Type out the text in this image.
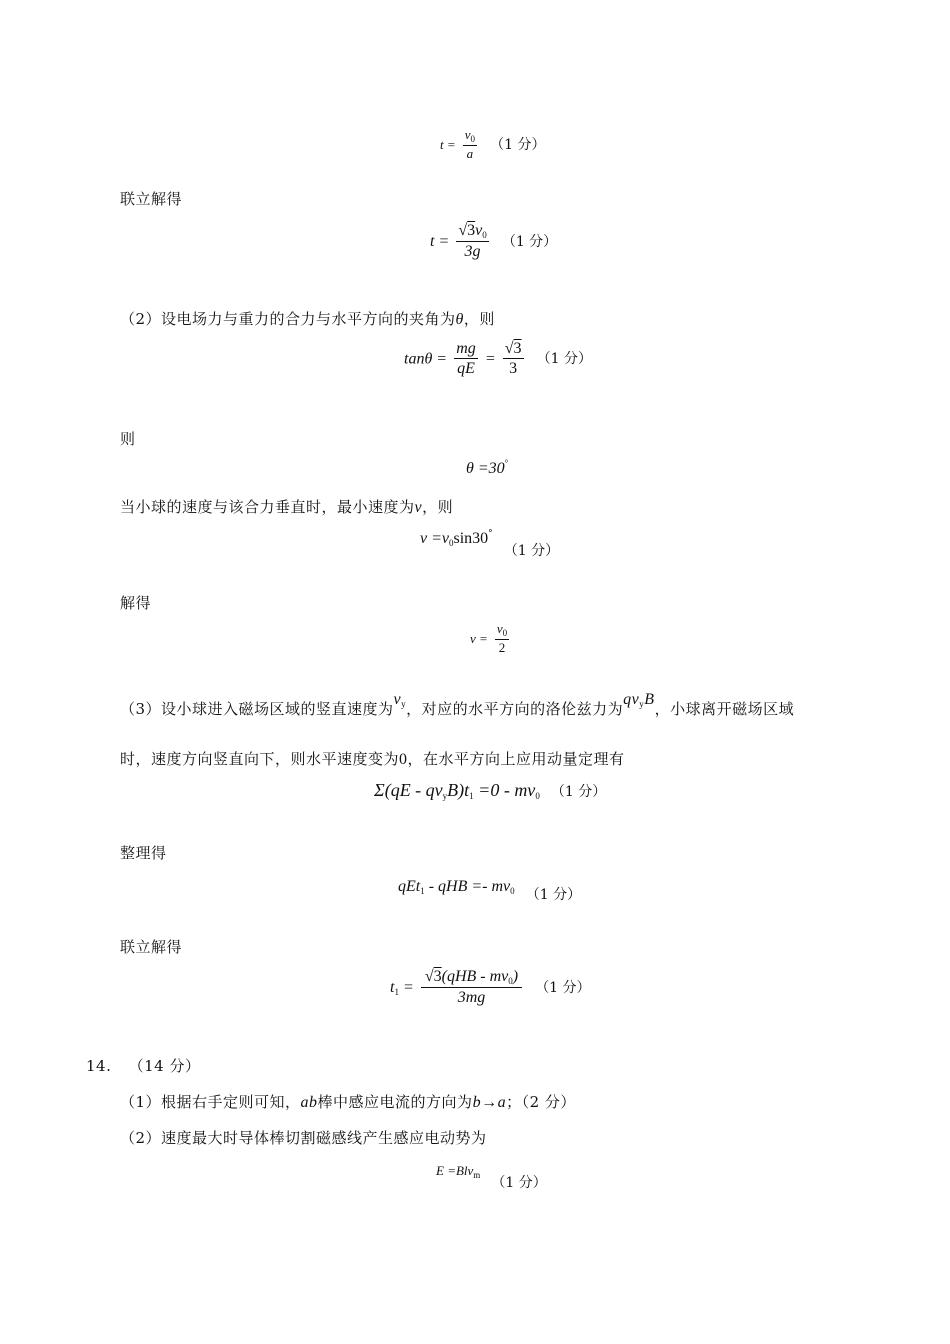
$t = \frac{v_0}{a} (1$ 分）
联立解得
$t = \frac{√3v_0}{3g} (1$ 分）
（2）设电场力与重力的合力与水平方向的夹角为θ，则
$\tan\theta = \frac{mg}{qE} = \frac{√3}{3} (1$ 分）
则
θ =30°
当小球的速度与该合力垂直时，最小速度为v，则
$v =v_0\sin 30^\circ$ （1 分）
解得
$v = \frac{v_0}{2}$
（3）设小球进入磁场区域的竖直速度为$v_y$，对应的水平方向的洛伦兹力为$qv_yB$，小球离开磁场区域
时，速度方向竖直向下，则水平速度变为0，在水平方向上应用动量定理有
$\Sigma(qE - qv_yB)t_1 =0 - mv_0$ （1 分）
整理得
qEt$_1$ - qHB =- $mv_0$ （1 分）
联立解得
$t_1 = \frac{√3(qHB - mv_0)}{3mg} (1$ 分）
14. （14 分）
（1）根据右手定则可知，ab棒中感应电流的方向为b→a；（2 分）
（2）速度最大时导体棒切割磁感线产生感应电动势为
E =Blv$_m$ （1 分）
